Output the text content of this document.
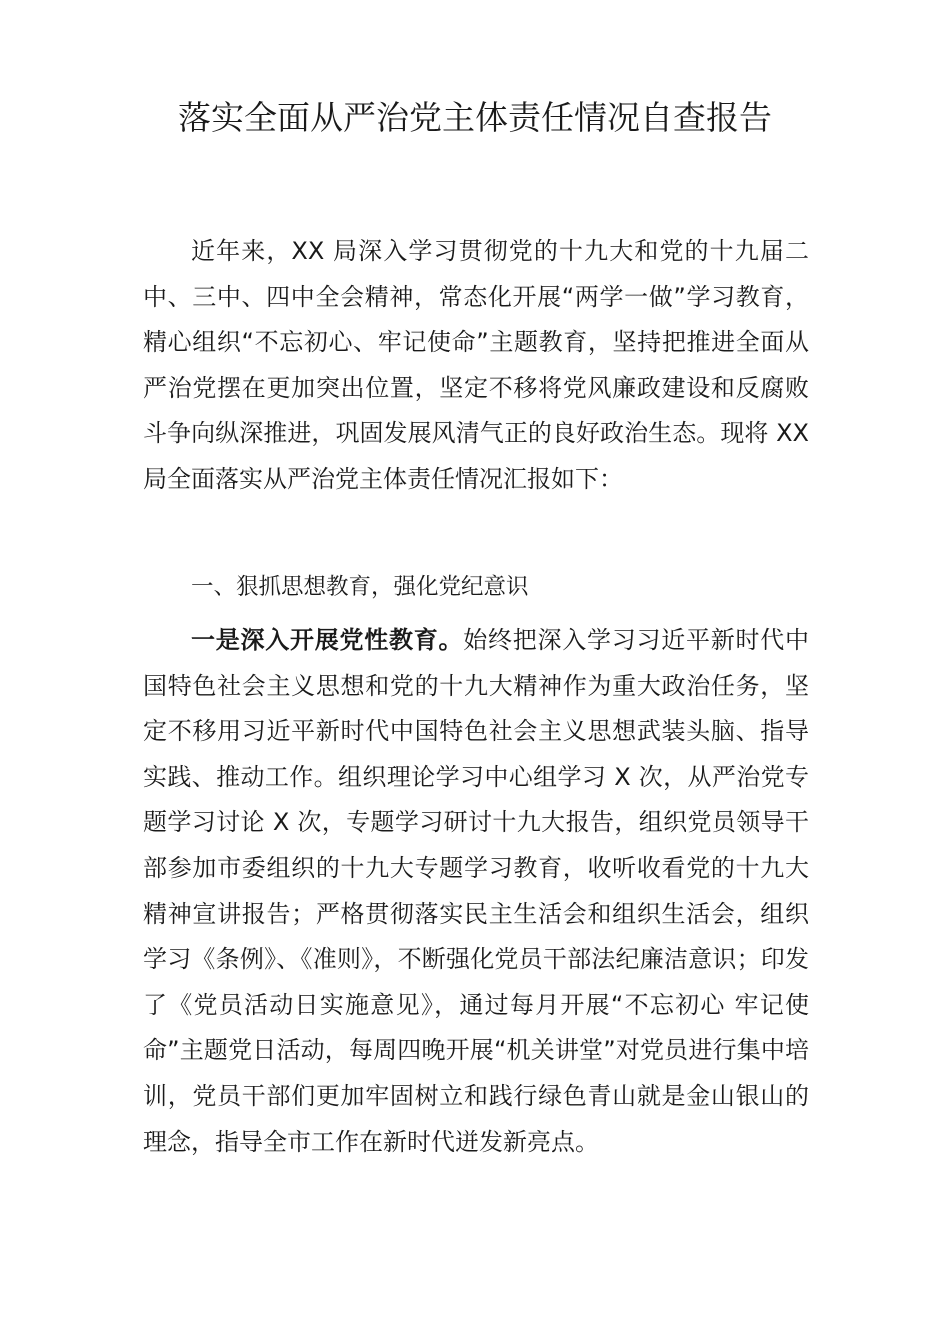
落实全面从严治党主体责任情况自查报告

近年来，XX 局深入学习贯彻党的十九大和党的十九届二中、三中、四中全会精神，常态化开展“两学一做”学习教育，精心组织“不忘初心、牢记使命”主题教育，坚持把推进全面从严治党摆在更加突出位置，坚定不移将党风廉政建设和反腐败斗争向纵深推进，巩固发展风清气正的良好政治生态。现将 XX 局全面落实从严治党主体责任情况汇报如下：

一、狠抓思想教育，强化党纪意识

一是深入开展党性教育。始终把深入学习习近平新时代中国特色社会主义思想和党的十九大精神作为重大政治任务，坚定不移用习近平新时代中国特色社会主义思想武装头脑、指导实践、推动工作。组织理论学习中心组学习 X 次，从严治党专题学习讨论 X 次，专题学习研讨十九大报告，组织党员领导干部参加市委组织的十九大专题学习教育，收听收看党的十九大精神宣讲报告；严格贯彻落实民主生活会和组织生活会，组织学习《条例》、《准则》，不断强化党员干部法纪廉洁意识；印发了《党员活动日实施意见》，通过每月开展“不忘初心 牢记使命”主题党日活动，每周四晚开展“机关讲堂”对党员进行集中培训，党员干部们更加牢固树立和践行绿色青山就是金山银山的理念，指导全市工作在新时代迸发新亮点。
